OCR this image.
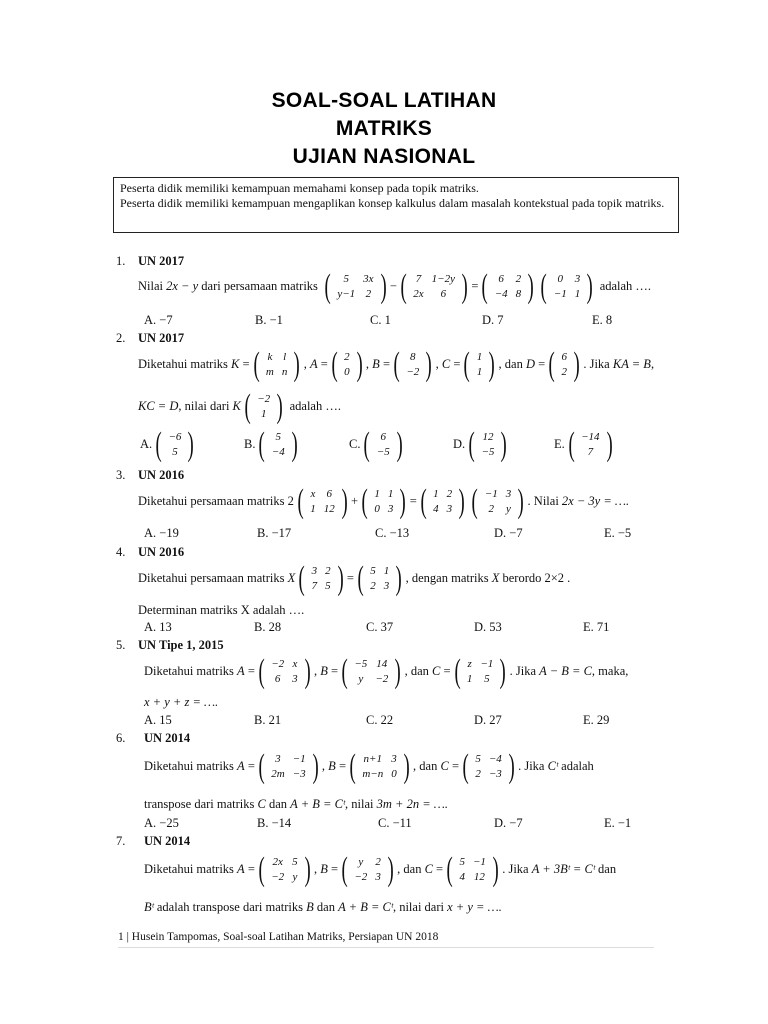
SOAL-SOAL LATIHAN
MATRIKS
UJIAN NASIONAL
Peserta didik memiliki kemampuan memahami konsep pada topik matriks.
Peserta didik memiliki kemampuan mengaplikan konsep kalkulus dalam masalah kontekstual pada topik matriks.
1. UN 2017
Nilai 2x − y dari persamaan matriks ( 5	3x
y−1	2 ) − ( 7	1−2y
2x	6 ) = ( 6	2
−4	8 ) ( 0	3
−1	1 ) adalah ….
A. −7	B. −1	C. 1	D. 7	E. 8
2. UN 2017
Diketahui matriks K = ( k	l
m	n ) , A = ( 2
0 ) , B = ( 8
−2 ) , C = ( 1
1 ) , dan D = ( 6
2 ) . Jika KA = B,
KC = D, nilai dari K ( −2
1 ) adalah ….
A. ( −6
5 )	B. ( 5
−4 )	C. ( 6
−5 )	D. ( 12
−5 )	E. ( −14
7 )
3. UN 2016
Diketahui persamaan matriks 2 ( x	6
1	12 ) + ( 1	1
0	3 ) = ( 1	2
4	3 ) ( −1	3
2	y ) . Nilai 2x − 3y = ….
A. −19	B. −17	C. −13	D. −7	E. −5
4. UN 2016
Diketahui persamaan matriks X ( 3	2
7	5 ) = ( 5	1
2	3 ) , dengan matriks X berordo 2×2 .
Determinan matriks X adalah ….
A. 13	B. 28	C. 37	D. 53	E. 71
5. UN Tipe 1, 2015
Diketahui matriks A = ( −2	x
6	3 ) , B = ( −5	14
y	−2 ) , dan C = ( z	−1
1	5 ) . Jika A − B = C, maka,
x + y + z = ….
A. 15	B. 21	C. 22	D. 27	E. 29
6. UN 2014
Diketahui matriks A = ( 3	−1
2m	−3 ) , B = ( n+1	3
m−n	0 ) , dan C = ( 5	−4
2	−3 ) . Jika Cᵗ adalah
transpose dari matriks C dan A + B = Cᵗ, nilai 3m + 2n = ….
A. −25	B. −14	C. −11	D. −7	E. −1
7. UN 2014
Diketahui matriks A = ( 2x	5
−2	y ) , B = ( y	2
−2	3 ) , dan C = ( 5	−1
4	12 ) . Jika A + 3Bᵗ = Cᵗ dan
Bᵗ adalah transpose dari matriks B dan A + B = Cᵗ, nilai dari x + y = ….
1 | Husein Tampomas, Soal-soal Latihan Matriks, Persiapan UN 2018
